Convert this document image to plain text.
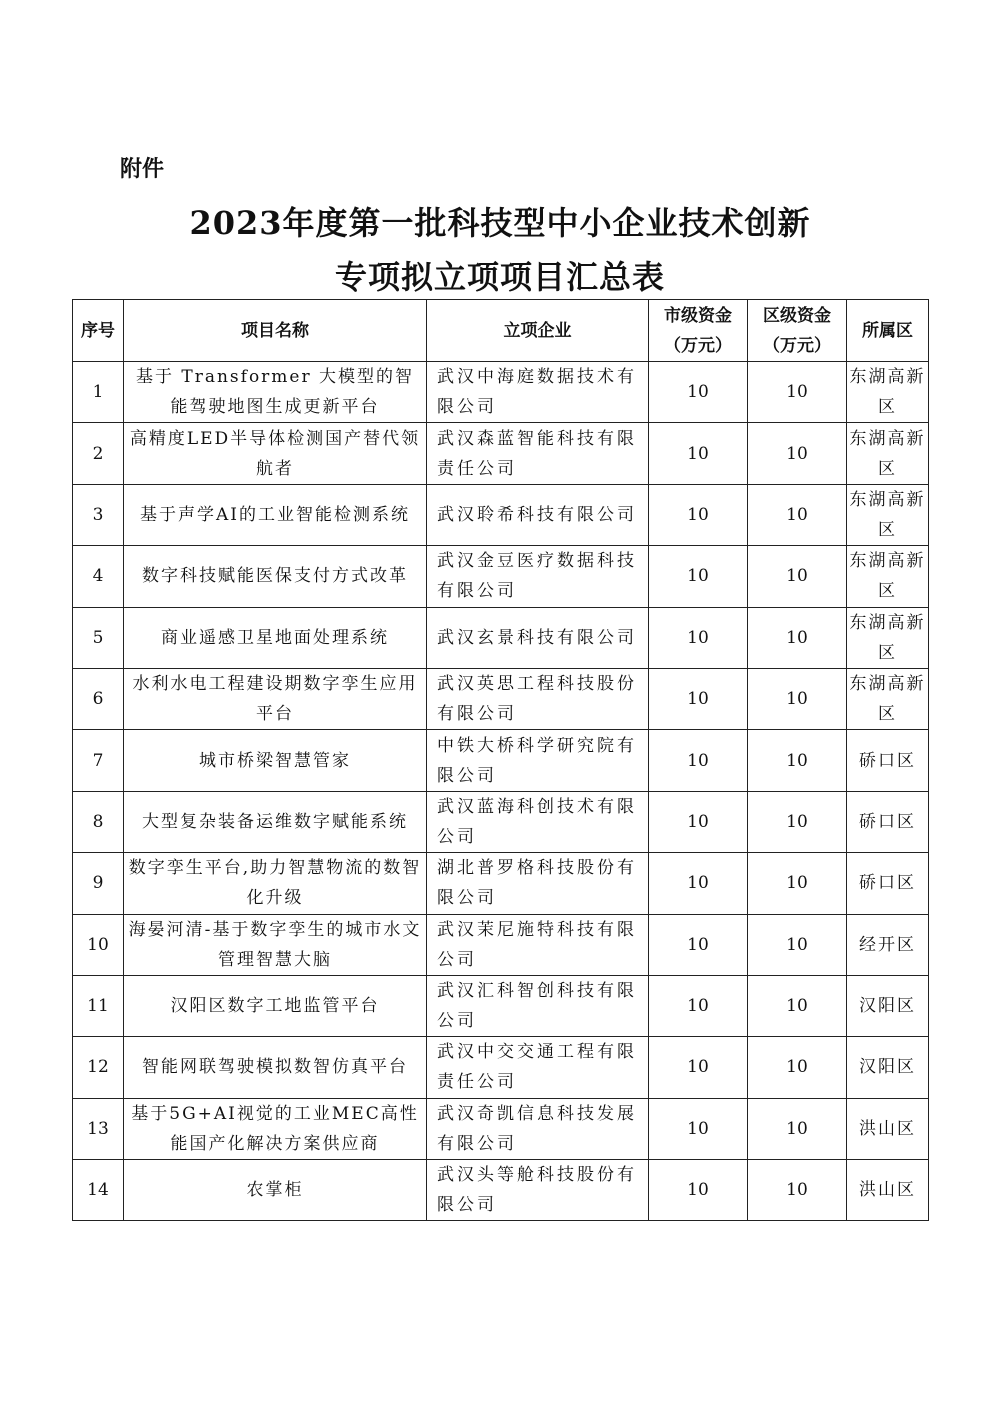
附件
2023年度第一批科技型中小企业技术创新
专项拟立项项目汇总表
序号	项目名称	立项企业	市级资金（万元）	区级资金（万元）	所属区
1	基于 Transformer 大模型的智能驾驶地图生成更新平台	武汉中海庭数据技术有限公司	10	10	东湖高新区
2	高精度LED半导体检测国产替代领航者	武汉森蓝智能科技有限责任公司	10	10	东湖高新区
3	基于声学AI的工业智能检测系统	武汉聆希科技有限公司	10	10	东湖高新区
4	数字科技赋能医保支付方式改革	武汉金豆医疗数据科技有限公司	10	10	东湖高新区
5	商业遥感卫星地面处理系统	武汉玄景科技有限公司	10	10	东湖高新区
6	水利水电工程建设期数字孪生应用平台	武汉英思工程科技股份有限公司	10	10	东湖高新区
7	城市桥梁智慧管家	中铁大桥科学研究院有限公司	10	10	硚口区
8	大型复杂装备运维数字赋能系统	武汉蓝海科创技术有限公司	10	10	硚口区
9	数字孪生平台,助力智慧物流的数智化升级	湖北普罗格科技股份有限公司	10	10	硚口区
10	海晏河清-基于数字孪生的城市水文管理智慧大脑	武汉茉尼施特科技有限公司	10	10	经开区
11	汉阳区数字工地监管平台	武汉汇科智创科技有限公司	10	10	汉阳区
12	智能网联驾驶模拟数智仿真平台	武汉中交交通工程有限责任公司	10	10	汉阳区
13	基于5G+AI视觉的工业MEC高性能国产化解决方案供应商	武汉奇凯信息科技发展有限公司	10	10	洪山区
14	农掌柜	武汉头等舱科技股份有限公司	10	10	洪山区
